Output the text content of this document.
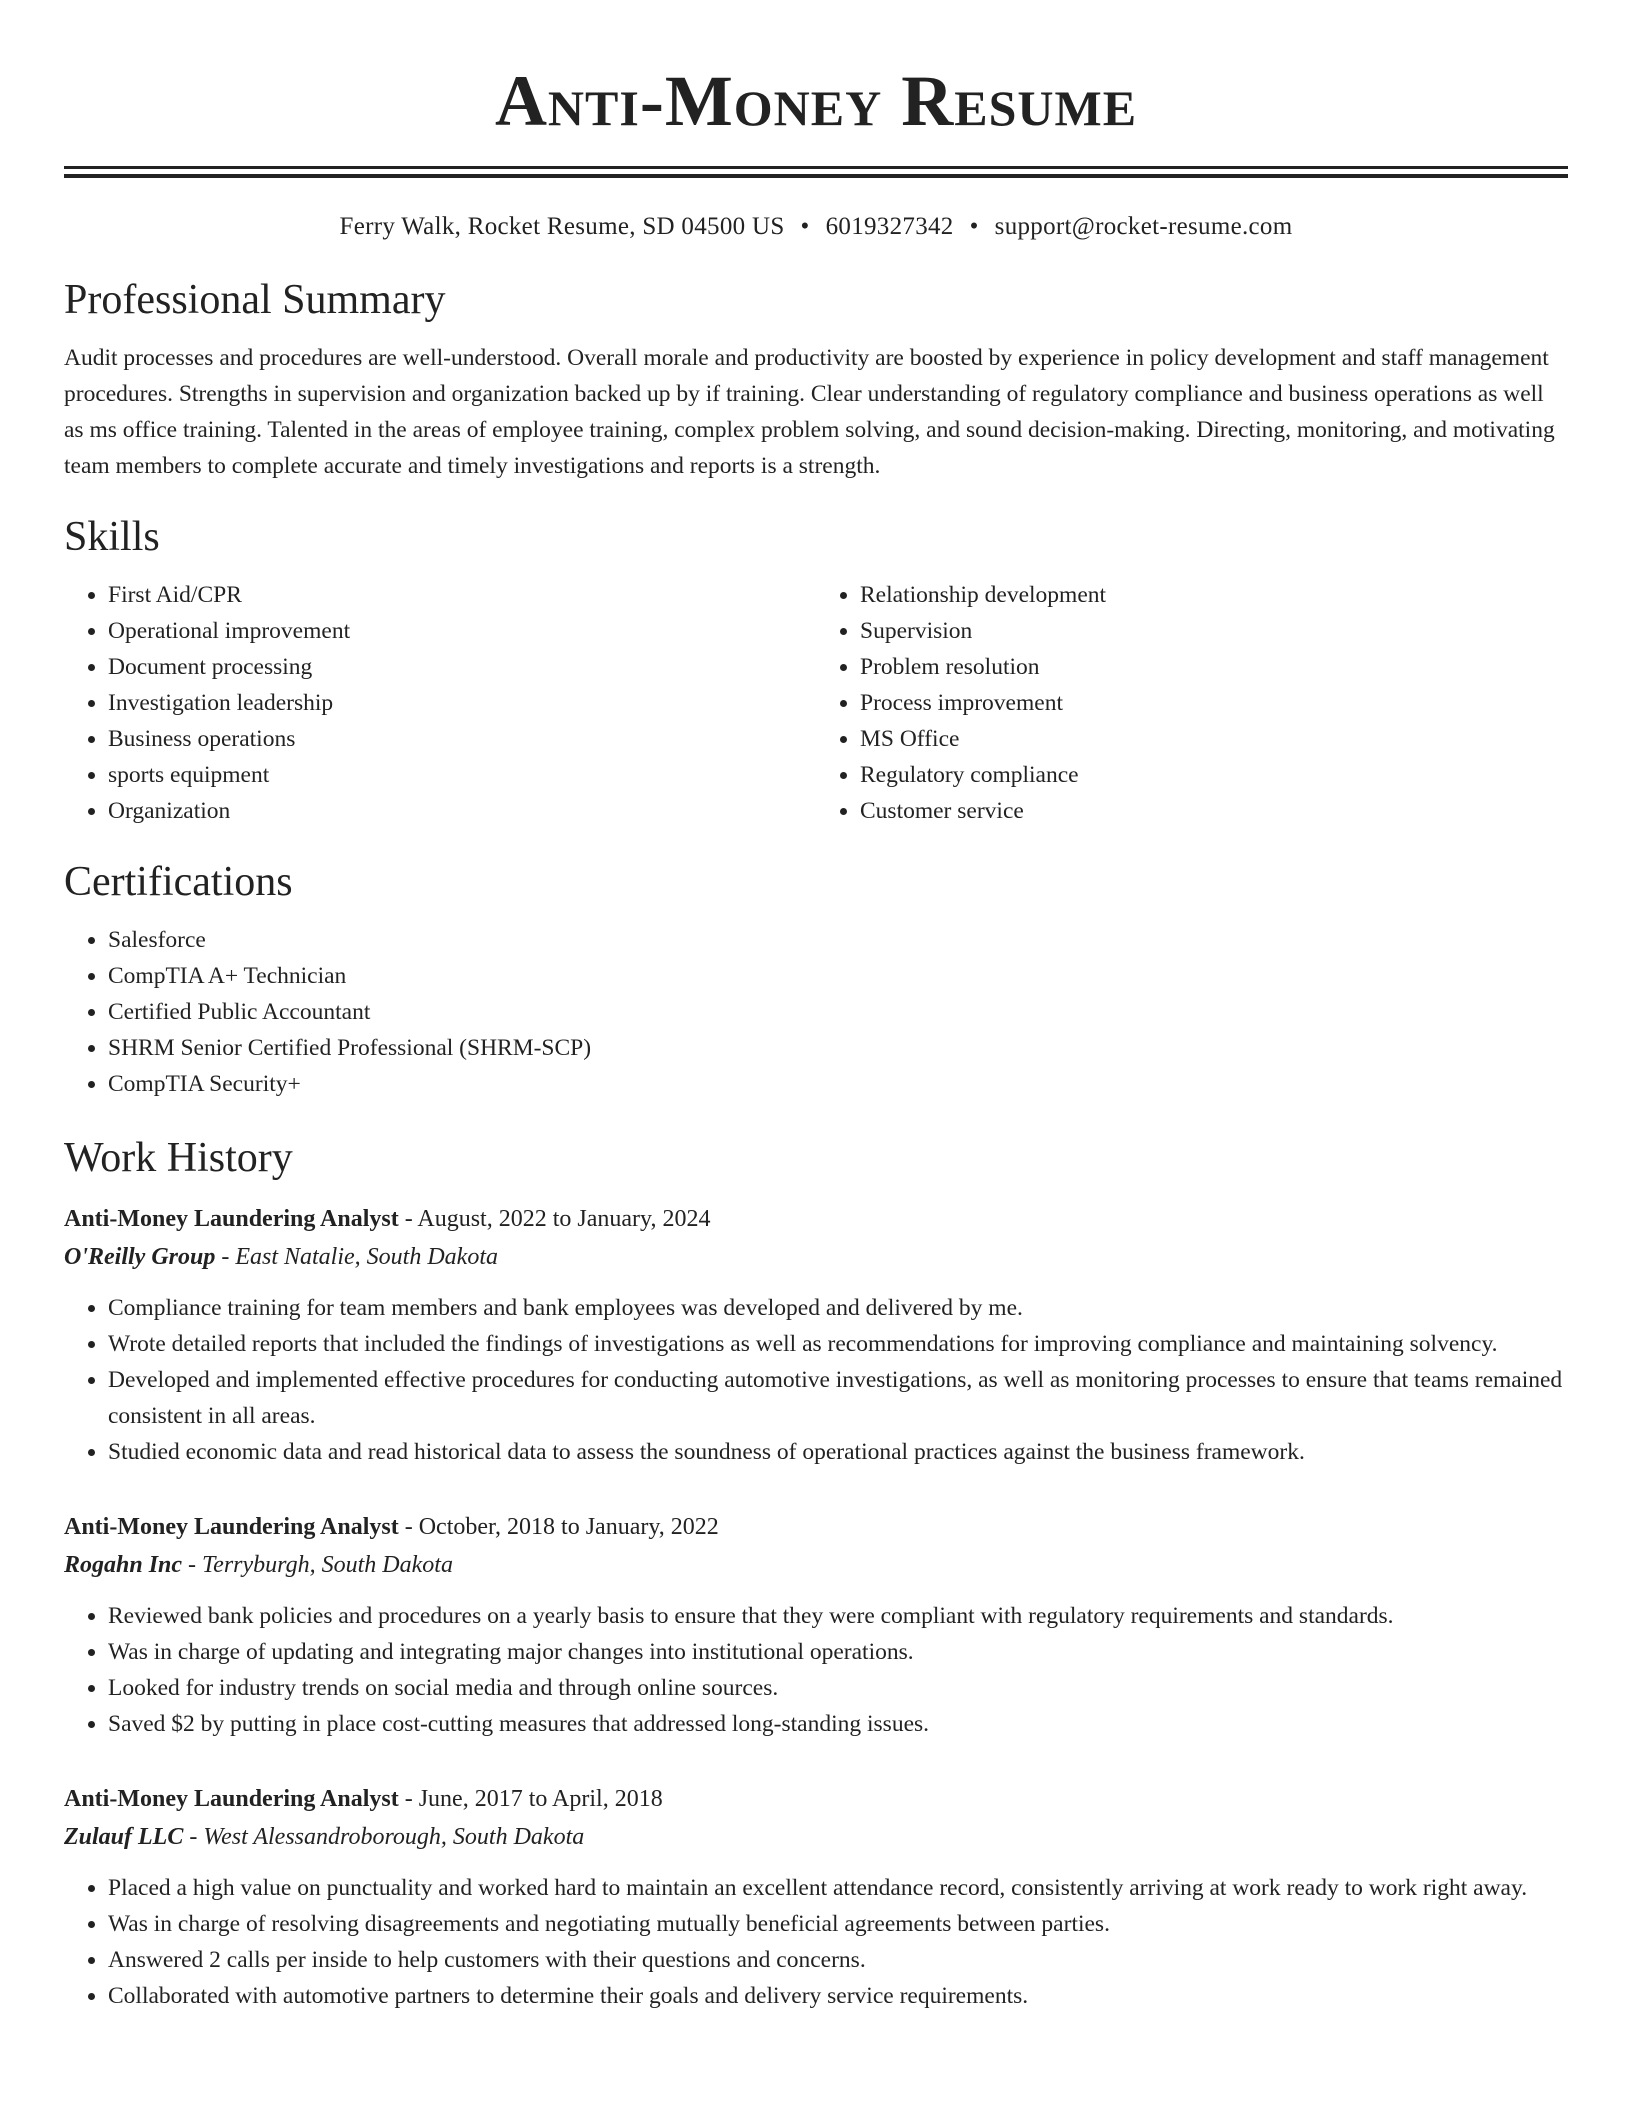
Anti-Money Resume
Ferry Walk, Rocket Resume, SD 04500 US • 6019327342 • support@rocket-resume.com
Professional Summary

Audit processes and procedures are well-understood. Overall morale and productivity are boosted by experience in policy development and staff management procedures. Strengths in supervision and organization backed up by if training. Clear understanding of regulatory compliance and business operations as well as ms office training. Talented in the areas of employee training, complex problem solving, and sound decision-making. Directing, monitoring, and motivating team members to complete accurate and timely investigations and reports is a strength.

Skills
• First Aid/CPR
• Operational improvement
• Document processing
• Investigation leadership
• Business operations
• sports equipment
• Organization
• Relationship development
• Supervision
• Problem resolution
• Process improvement
• MS Office
• Regulatory compliance
• Customer service
Certifications
• Salesforce
• CompTIA A+ Technician
• Certified Public Accountant
• SHRM Senior Certified Professional (SHRM-SCP)
• CompTIA Security+
Work History
Anti-Money Laundering Analyst - August, 2022 to January, 2024
O'Reilly Group - East Natalie, South Dakota
• Compliance training for team members and bank employees was developed and delivered by me.
• Wrote detailed reports that included the findings of investigations as well as recommendations for improving compliance and maintaining solvency.
• Developed and implemented effective procedures for conducting automotive investigations, as well as monitoring processes to ensure that teams remained consistent in all areas.
• Studied economic data and read historical data to assess the soundness of operational practices against the business framework.
Anti-Money Laundering Analyst - October, 2018 to January, 2022
Rogahn Inc - Terryburgh, South Dakota
• Reviewed bank policies and procedures on a yearly basis to ensure that they were compliant with regulatory requirements and standards.
• Was in charge of updating and integrating major changes into institutional operations.
• Looked for industry trends on social media and through online sources.
• Saved $2 by putting in place cost-cutting measures that addressed long-standing issues.
Anti-Money Laundering Analyst - June, 2017 to April, 2018
Zulauf LLC - West Alessandroborough, South Dakota
• Placed a high value on punctuality and worked hard to maintain an excellent attendance record, consistently arriving at work ready to work right away.
• Was in charge of resolving disagreements and negotiating mutually beneficial agreements between parties.
• Answered 2 calls per inside to help customers with their questions and concerns.
• Collaborated with automotive partners to determine their goals and delivery service requirements.
